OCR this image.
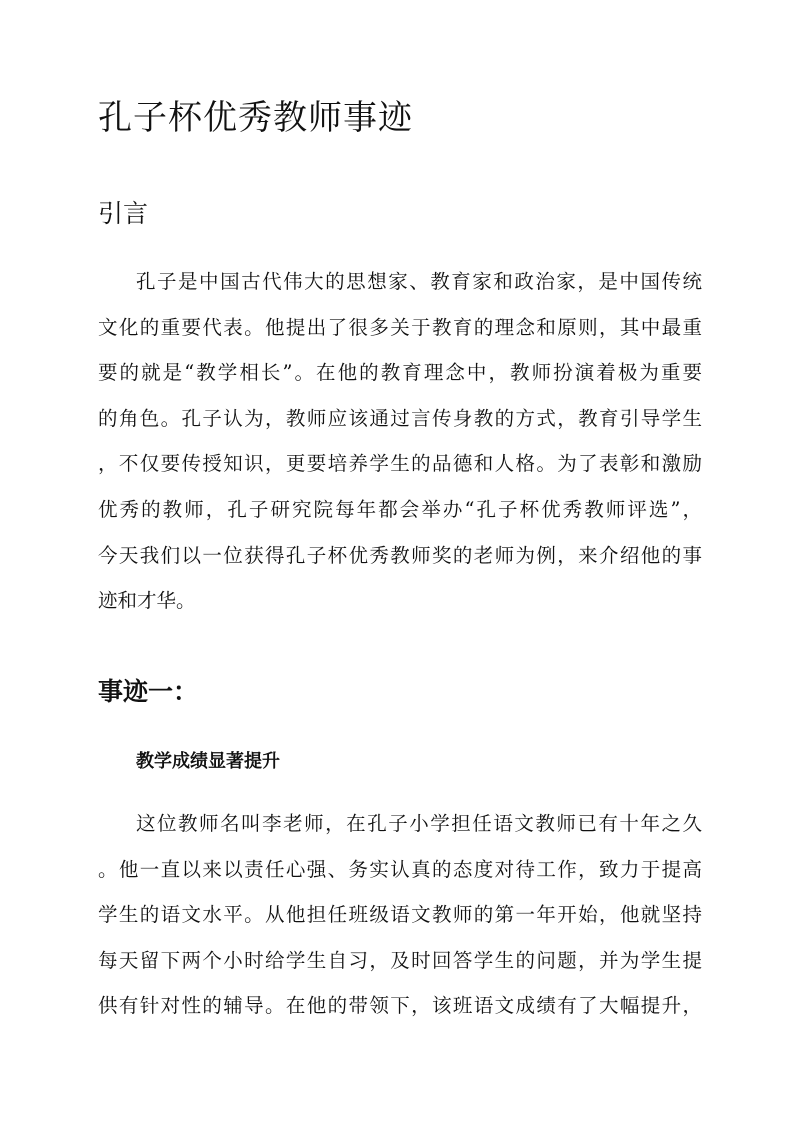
孔子杯优秀教师事迹
引言
孔子是中国古代伟大的思想家、教育家和政治家，是中国传统
文化的重要代表。他提出了很多关于教育的理念和原则，其中最重
要的就是“教学相长”。在他的教育理念中，教师扮演着极为重要
的角色。孔子认为，教师应该通过言传身教的方式，教育引导学生
，不仅要传授知识，更要培养学生的品德和人格。为了表彰和激励
优秀的教师，孔子研究院每年都会举办“孔子杯优秀教师评选”，
今天我们以一位获得孔子杯优秀教师奖的老师为例，来介绍他的事
迹和才华。
事迹一：
教学成绩显著提升
这位教师名叫李老师，在孔子小学担任语文教师已有十年之久
。他一直以来以责任心强、务实认真的态度对待工作，致力于提高
学生的语文水平。从他担任班级语文教师的第一年开始，他就坚持
每天留下两个小时给学生自习，及时回答学生的问题，并为学生提
供有针对性的辅导。在他的带领下，该班语文成绩有了大幅提升，
